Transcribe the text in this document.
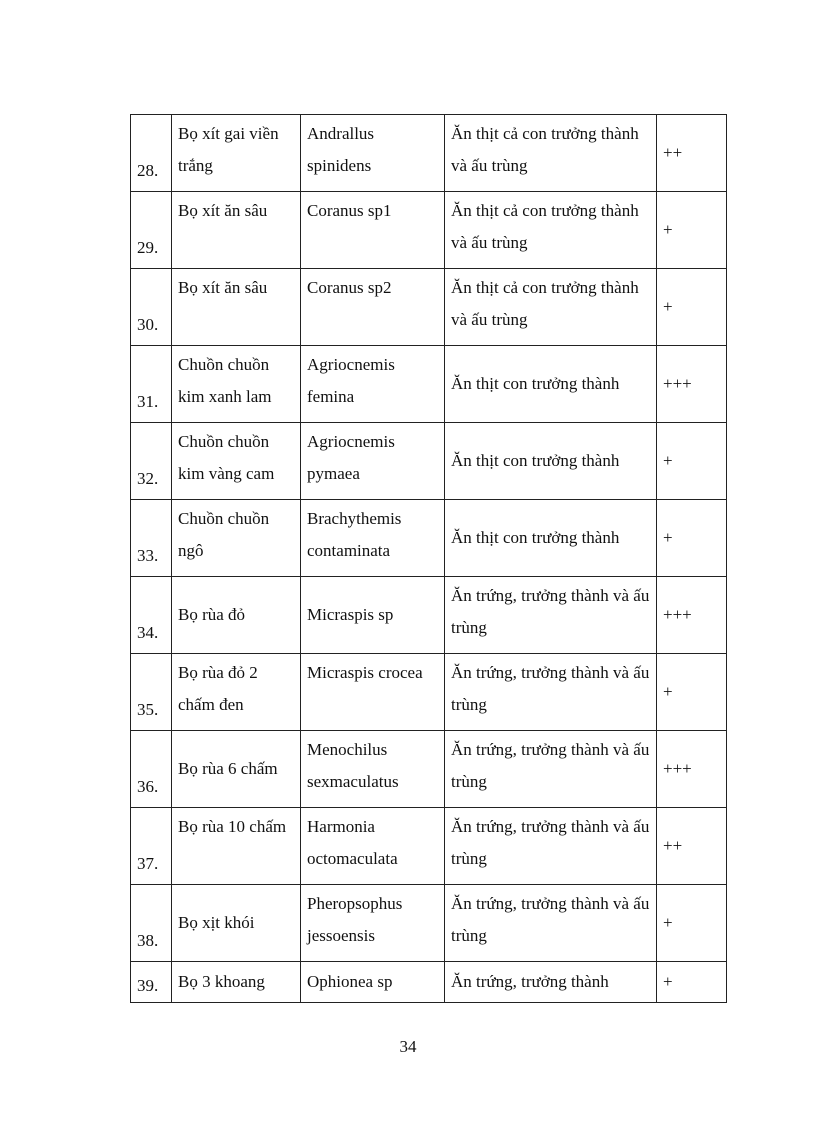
28.	Bọ xít gai viền trắng	Andrallus spinidens	Ăn thịt cả con trưởng thành và ấu trùng	++

29.	Bọ xít ăn sâu	Coranus sp1	Ăn thịt cả con trưởng thành và ấu trùng	+

30.	Bọ xít ăn sâu	Coranus sp2	Ăn thịt cả con trưởng thành và ấu trùng	+

31.	Chuồn chuồn kim xanh lam	Agriocnemis femina	Ăn thịt con trưởng thành	+++

32.	Chuồn chuồn kim vàng cam	Agriocnemis pymaea	Ăn thịt con trưởng thành	+

33.	Chuồn chuồn ngô	Brachythemis contaminata	Ăn thịt con trưởng thành	+

34.	Bọ rùa đỏ	Micraspis sp	Ăn trứng, trưởng thành và ấu trùng	+++

35.	Bọ rùa đỏ 2 chấm đen	Micraspis crocea	Ăn trứng, trưởng thành và ấu trùng	+

36.	Bọ rùa 6 chấm	Menochilus sexmaculatus	Ăn trứng, trưởng thành và ấu trùng	+++

37.	Bọ rùa 10 chấm	Harmonia octomaculata	Ăn trứng, trưởng thành và ấu trùng	++

38.	Bọ xịt khói	Pheropsophus jessoensis	Ăn trứng, trưởng thành và ấu trùng	+

39.	Bọ 3 khoang	Ophionea sp	Ăn trứng, trưởng thành	+
34
